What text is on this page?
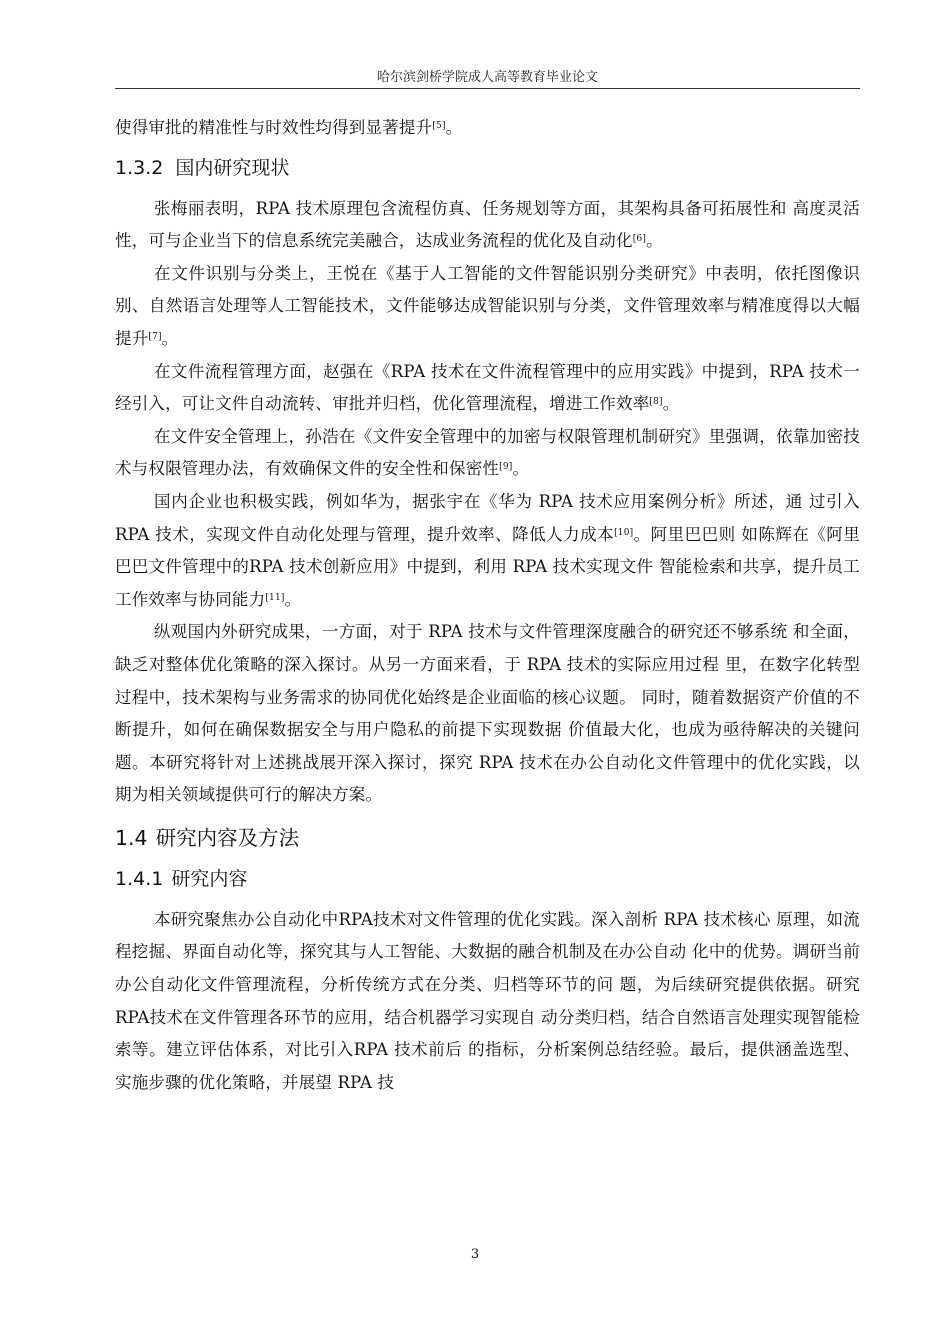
哈尔滨剑桥学院成人高等教育毕业论文

使得审批的精准性与时效性均得到显著提升[5]。

1.3.2 国内研究现状

张梅丽表明，RPA 技术原理包含流程仿真、任务规划等方面，其架构具备可拓展性和 高度灵活性，可与企业当下的信息系统完美融合，达成业务流程的优化及自动化[6]。

在文件识别与分类上，王悦在《基于人工智能的文件智能识别分类研究》中表明，依托图像识别、自然语言处理等人工智能技术，文件能够达成智能识别与分类，文件管理效率与精准度得以大幅提升[7]。

在文件流程管理方面，赵强在《RPA 技术在文件流程管理中的应用实践》中提到，RPA 技术一经引入，可让文件自动流转、审批并归档，优化管理流程，增进工作效率[8]。

在文件安全管理上，孙浩在《文件安全管理中的加密与权限管理机制研究》里强调，依靠加密技术与权限管理办法，有效确保文件的安全性和保密性[9]。

国内企业也积极实践，例如华为，据张宇在《华为 RPA 技术应用案例分析》所述，通 过引入 RPA 技术，实现文件自动化处理与管理，提升效率、降低人力成本[10]。阿里巴巴则 如陈辉在《阿里巴巴文件管理中的RPA 技术创新应用》中提到，利用 RPA 技术实现文件 智能检索和共享，提升员工工作效率与协同能力[11]。

纵观国内外研究成果，一方面，对于 RPA 技术与文件管理深度融合的研究还不够系统 和全面，缺乏对整体优化策略的深入探讨。从另一方面来看，于 RPA 技术的实际应用过程 里，在数字化转型过程中，技术架构与业务需求的协同优化始终是企业面临的核心议题。 同时，随着数据资产价值的不断提升，如何在确保数据安全与用户隐私的前提下实现数据 价值最大化，也成为亟待解决的关键问题。本研究将针对上述挑战展开深入探讨，探究 RPA 技术在办公自动化文件管理中的优化实践，以期为相关领域提供可行的解决方案。

1.4 研究内容及方法
1.4.1 研究内容

本研究聚焦办公自动化中RPA技术对文件管理的优化实践。深入剖析 RPA 技术核心 原理，如流程挖掘、界面自动化等，探究其与人工智能、大数据的融合机制及在办公自动 化中的优势。调研当前办公自动化文件管理流程，分析传统方式在分类、归档等环节的问 题，为后续研究提供依据。研究 RPA技术在文件管理各环节的应用，结合机器学习实现自 动分类归档，结合自然语言处理实现智能检索等。建立评估体系，对比引入RPA 技术前后 的指标，分析案例总结经验。最后，提供涵盖选型、实施步骤的优化策略，并展望 RPA 技

3
